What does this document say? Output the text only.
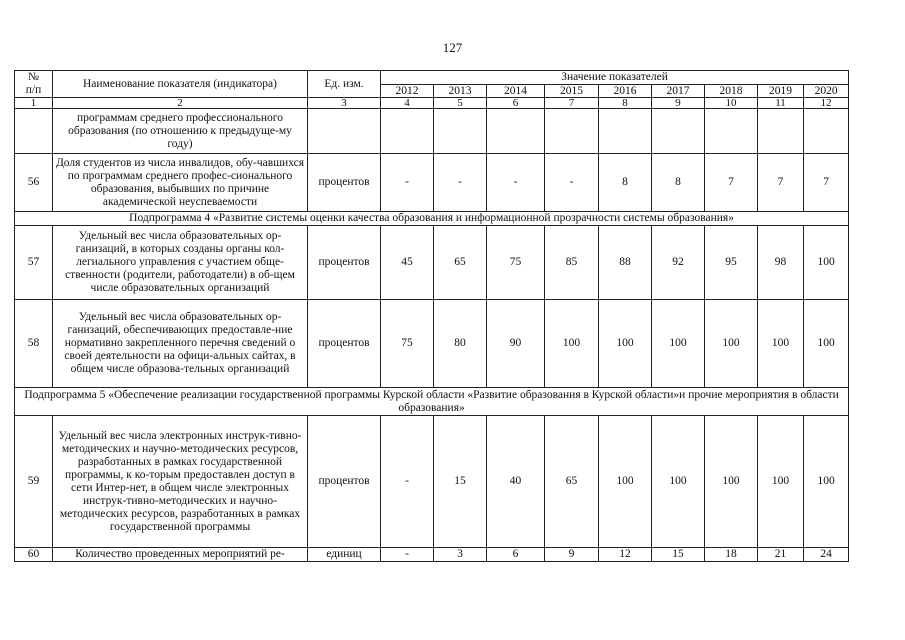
127
№
п/п	Наименование показателя (индикатора)	Ед. изм.	Значение показателей								
			2012	2013	2014	2015	2016	2017	2018	2019	2020
1	2	3	4	5	6	7	8	9	10	11	12
	программам среднего профессионального образования (по отношению к предыдуще-му году)										
56	Доля студентов из числа инвалидов, обу-чавшихся по программам среднего профес-сионального образования, выбывших по причине академической неуспеваемости	процентов	-	-	-	-	8	8	7	7	7
Подпрограмма 4 «Развитие системы оценки качества образования и информационной прозрачности системы образования»											
57	Удельный вес числа образовательных ор-ганизаций, в которых созданы органы кол-легиального управления с участием обще-ственности (родители, работодатели) в об-щем числе образовательных организаций	процентов	45	65	75	85	88	92	95	98	100
58	Удельный вес числа образовательных ор-ганизаций, обеспечивающих предоставле-ние нормативно закрепленного перечня сведений о своей деятельности на офици-альных сайтах, в общем числе образова-тельных организаций	процентов	75	80	90	100	100	100	100	100	100
Подпрограмма 5 «Обеспечение реализации государственной программы Курской области «Развитие образования в Курской области»и прочие мероприятия в области образования»											
59	Удельный вес числа электронных инструк-тивно-методических и научно-методических ресурсов, разработанных в рамках государственной программы, к ко-торым предоставлен доступ в сети Интер-нет, в общем числе электронных инструк-тивно-методических и научно-методических ресурсов, разработанных в рамках государственной программы	процентов	-	15	40	65	100	100	100	100	100
60	Количество проведенных мероприятий ре-	единиц	-	3	6	9	12	15	18	21	24
